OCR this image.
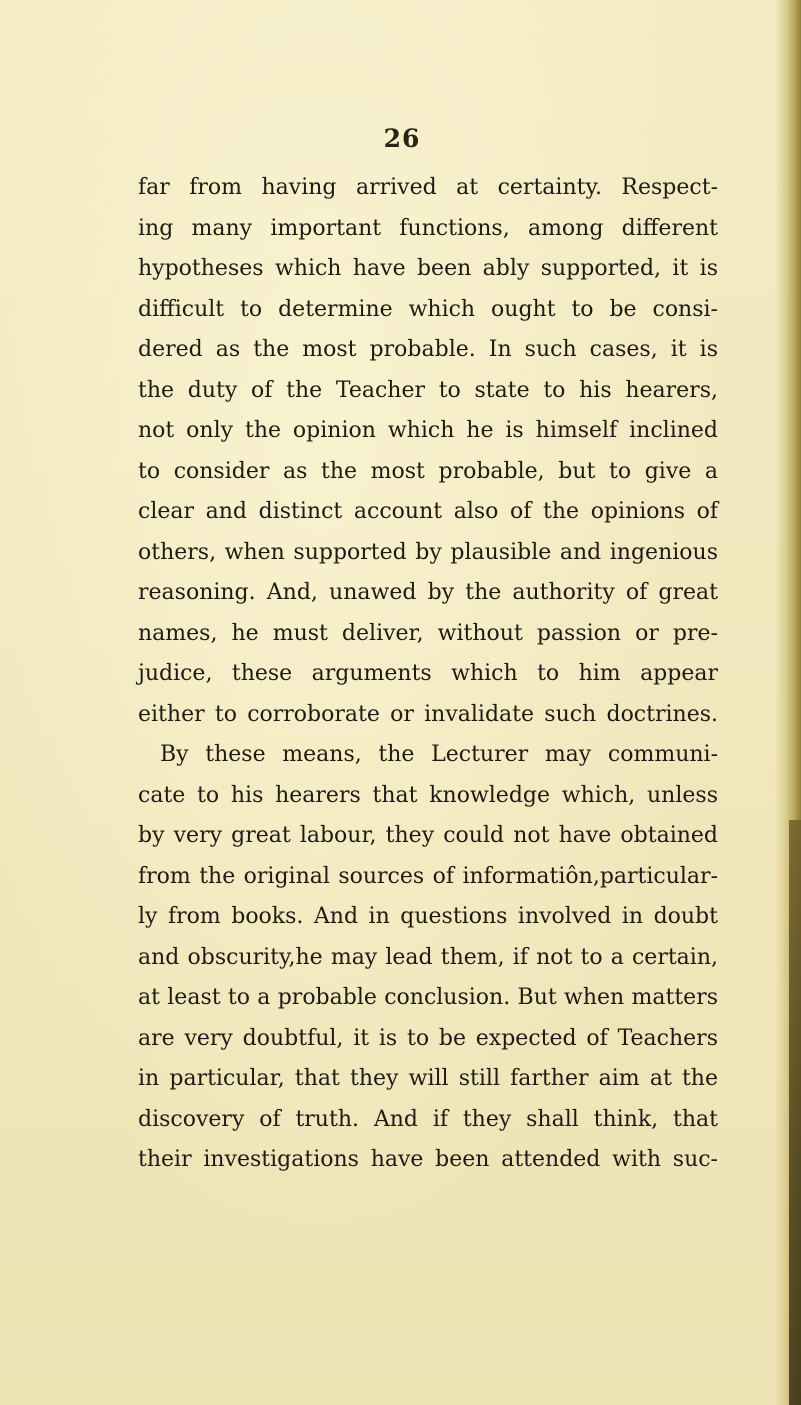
26
far from having arrived at certainty. Respect-
ing many important functions, among different
hypotheses which have been ably supported, it is
difficult to determine which ought to be consi-
dered as the most probable. In such cases, it is
the duty of the Teacher to state to his hearers,
not only the opinion which he is himself inclined
to consider as the most probable, but to give a
clear and distinct account also of the opinions of
others, when supported by plausible and ingenious
reasoning. And, unawed by the authority of great
names, he must deliver, without passion or pre-
judice, these arguments which to him appear
either to corroborate or invalidate such doctrines.
By these means, the Lecturer may communi-
cate to his hearers that knowledge which, unless
by very great labour, they could not have obtained
from the original sources of informatiôn,particular-
ly from books. And in questions involved in doubt
and obscurity,he may lead them, if not to a certain,
at least to a probable conclusion. But when matters
are very doubtful, it is to be expected of Teachers
in particular, that they will still farther aim at the
discovery of truth. And if they shall think, that
their investigations have been attended with suc-
